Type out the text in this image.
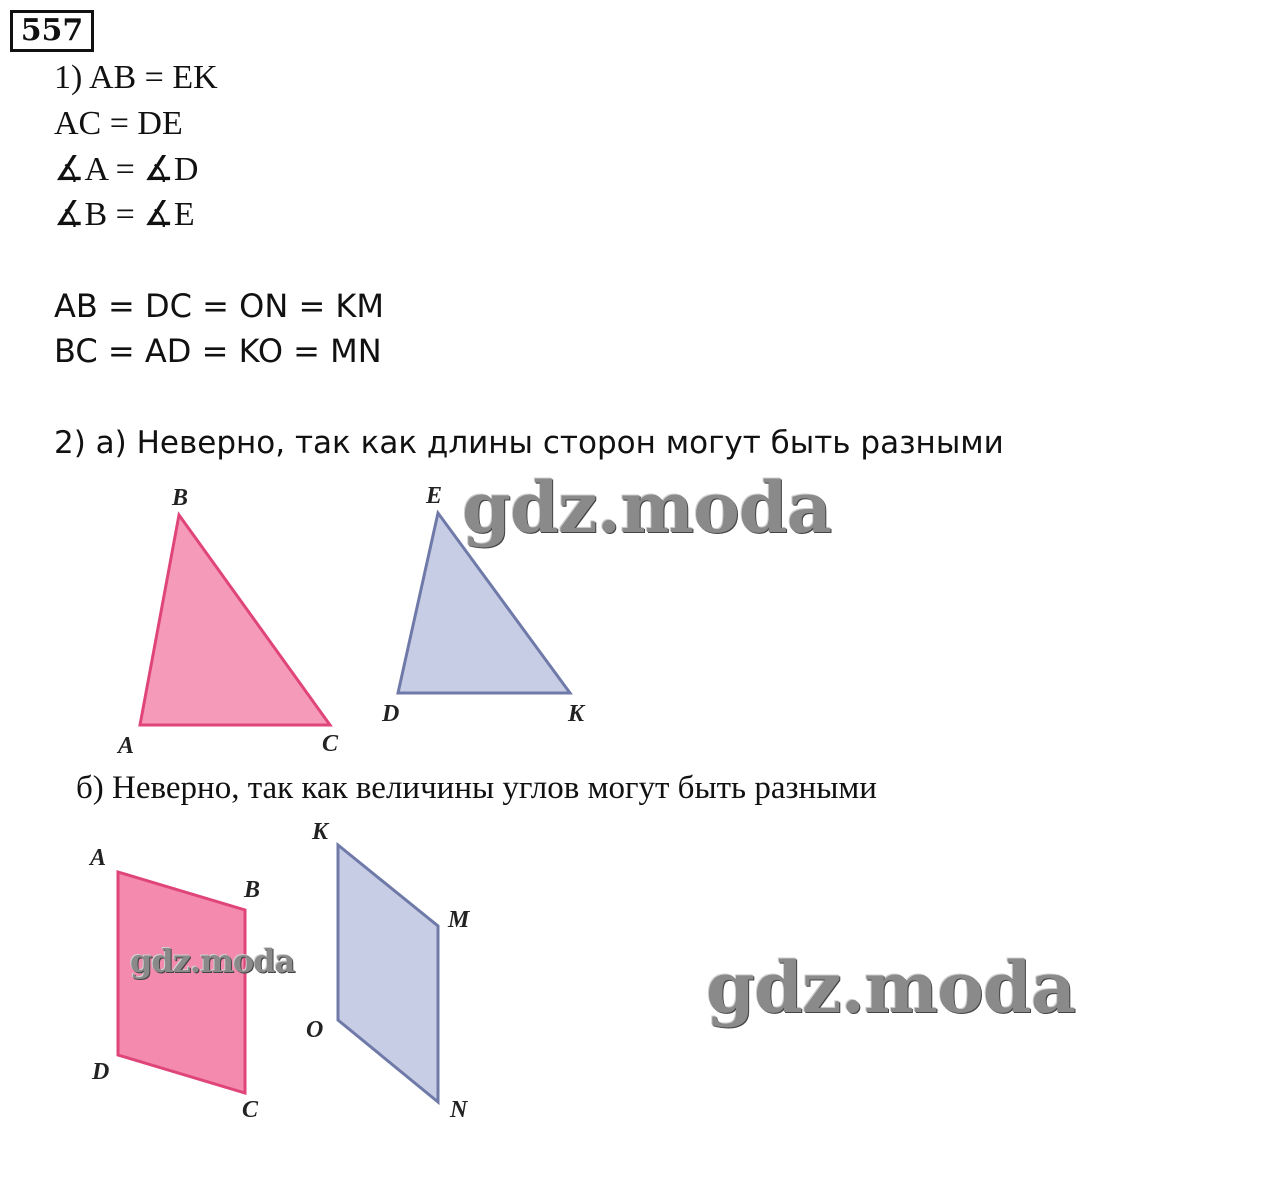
557
1) AB = EK
AC = DE
∡A = ∡D
∡B = ∡E
AB = DC = ON = KM
BC = AD = KO = MN
2) а) Неверно, так как длины сторон могут быть разными
B
A	C
E
D	K
gdz.moda
б) Неверно, так как величины углов могут быть разными
A
B
D
C
K
M
O
N
gdz.moda	gdz.moda
